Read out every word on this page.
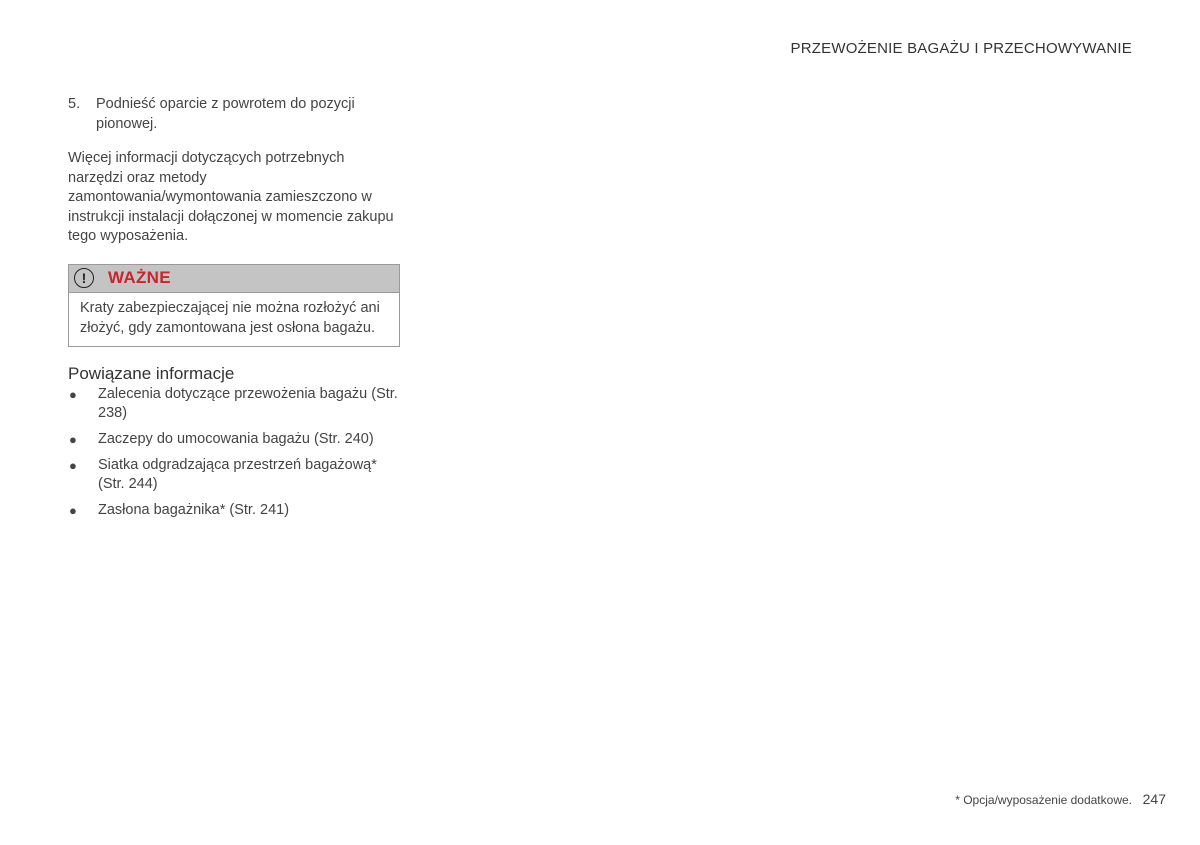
PRZEWOŻENIE BAGAŻU I PRZECHOWYWANIE
5.	Podnieść oparcie z powrotem do pozycji pionowej.
Więcej informacji dotyczących potrzebnych narzędzi oraz metody zamontowania/wymontowania zamieszczono w instrukcji instalacji dołączonej w momencie zakupu tego wyposażenia.
!	WAŻNE
Kraty zabezpieczającej nie można rozłożyć ani złożyć, gdy zamontowana jest osłona bagażu.
Powiązane informacje
●	Zalecenia dotyczące przewożenia bagażu (Str. 238)
●	Zaczepy do umocowania bagażu (Str. 240)
●	Siatka odgradzająca przestrzeń bagażową* (Str. 244)
●	Zasłona bagażnika* (Str. 241)
* Opcja/wyposażenie dodatkowe. 247
